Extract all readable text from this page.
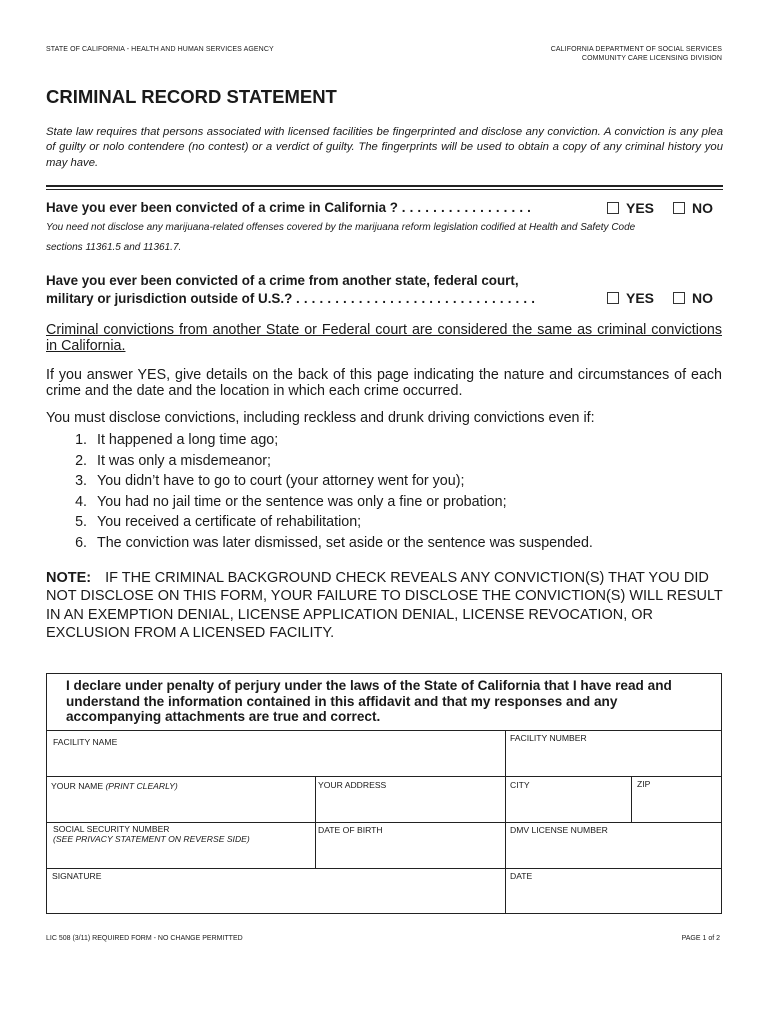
STATE OF CALIFORNIA - HEALTH AND HUMAN SERVICES AGENCY	CALIFORNIA DEPARTMENT OF SOCIAL SERVICES
COMMUNITY CARE LICENSING DIVISION
CRIMINAL RECORD STATEMENT
State law requires that persons associated with licensed facilities be fingerprinted and disclose any conviction. A conviction is any plea of guilty or nolo contendere (no contest) or a verdict of guilty. The fingerprints will be used to obtain a copy of any criminal history you may have.
Have you ever been convicted of a crime in California ? . . . . . . . . . . . . . . . . .	YES	NO
You need not disclose any marijuana-related offenses covered by the marijuana reform legislation codified at Health and Safety Code
sections 11361.5 and 11361.7.
Have you ever been convicted of a crime from another state, federal court,
military or jurisdiction outside of U.S.? . . . . . . . . . . . . . . . . . . . . . . . . . . . . . . .	YES	NO
Criminal convictions from another State or Federal court are considered the same as criminal convictions in California.
If you answer YES, give details on the back of this page indicating the nature and circumstances of each crime and the date and the location in which each crime occurred.
You must disclose convictions, including reckless and drunk driving convictions even if:
1. It happened a long time ago;
2. It was only a misdemeanor;
3. You didn’t have to go to court (your attorney went for you);
4. You had no jail time or the sentence was only a fine or probation;
5. You received a certificate of rehabilitation;
6. The conviction was later dismissed, set aside or the sentence was suspended.
NOTE: IF THE CRIMINAL BACKGROUND CHECK REVEALS ANY CONVICTION(S) THAT YOU DID NOT DISCLOSE ON THIS FORM, YOUR FAILURE TO DISCLOSE THE CONVICTION(S) WILL RESULT IN AN EXEMPTION DENIAL, LICENSE APPLICATION DENIAL, LICENSE REVOCATION, OR EXCLUSION FROM A LICENSED FACILITY.
I declare under penalty of perjury under the laws of the State of California that I have read and understand the information contained in this affidavit and that my responses and any accompanying attachments are true and correct.
FACILITY NAME	FACILITY NUMBER
YOUR NAME (PRINT CLEARLY)	YOUR ADDRESS	CITY	ZIP
SOCIAL SECURITY NUMBER
(SEE PRIVACY STATEMENT ON REVERSE SIDE)
DATE OF BIRTH	DMV LICENSE NUMBER
SIGNATURE	DATE
LIC 508 (3/11) REQUIRED FORM - NO CHANGE PERMITTED	PAGE 1 of 2
